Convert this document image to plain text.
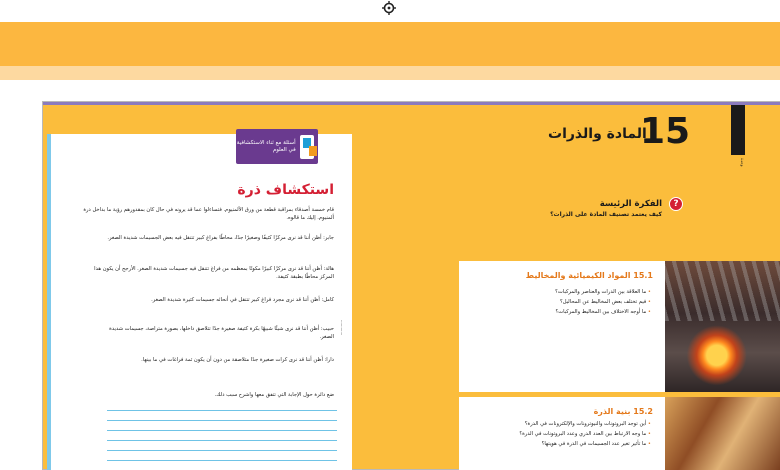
استكشاف ذرة
قام خمسة أصدقاء بمراقبة قطعة من ورق الألمنيوم. فتساءلوا عما قد يرونه في حال كان بمقدورهم رؤية ما بداخل ذرة ألمنيوم. إليك ما قالوه.
جابر: أظن أننا قد نرى مركزًا كثيفًا وصغيرًا جدًا، محاطًا بفراغ كبير تتنقل فيه بعض الجسيمات شديدة الصغر.
هالة: أظن أننا قد نرى مركزًا كبيرًا مكونًا بمعظمه من فراغ تتنقل فيه جسيمات شديدة الصغر. الأرجح أن يكون هذا المركز محاطًا بطبقة كثيفة.
كامل: أظن أننا قد نرى مجرد فراغ كبير تتنقل في أنحائه جسيمات كثيرة شديدة الصغر.
حبيب: أظن أننا قد نرى شيئًا شبيهًا بكرة كثيفة صغيرة جدًا تتلاصق داخلها، بصورة متراصة، جسيمات شديدة الصغر.
دارا: أظن أننا قد نرى كرات صغيرة جدًا متلاصقة من دون أن يكون ثمة فراغات في ما بينها.
ضع دائرة حول الإجابة التي تتفق معها واشرح سبب ذلك.
أسئلة مع ثناء الاستكشافية في العلوم
············
وحدة
15
المادة والذرات
?
الفكرة الرئيسة
كيف يعتمد تصنيف المادة على الذرات؟
15.1 المواد الكيميائية والمخاليط
• ما العلاقة بين الذرات والعناصر والمركبات؟
• فيم تختلف بعض المخاليط عن المحاليل؟
• ما أوجه الاختلاف بين المخاليط والمركبات؟
15.2 بنية الذرة
• أين توجد البروتونات والنيوترونات والإلكترونات في الذرة؟
• ما وجه الارتباط بين العدد الذري وعدد البروتونات في الذرة؟
• ما تأثير تغير عدد الجسيمات في الذرة في هويتها؟
